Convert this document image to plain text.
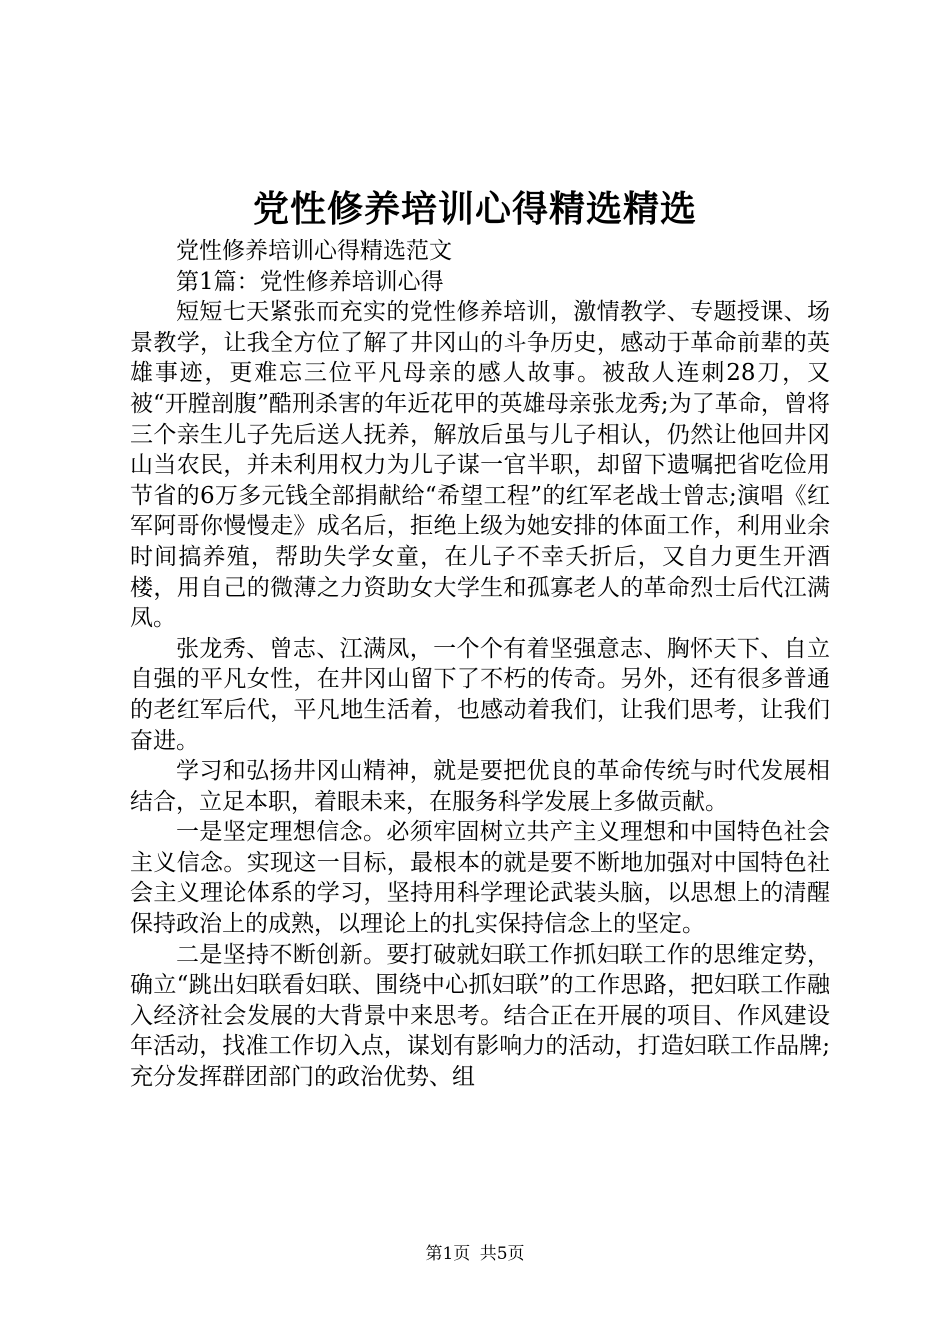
党性修养培训心得精选精选

党性修养培训心得精选范文

第1篇：党性修养培训心得

短短七天紧张而充实的党性修养培训，激情教学、专题授课、场景教学，让我全方位了解了井冈山的斗争历史，感动于革命前辈的英雄事迹，更难忘三位平凡母亲的感人故事。被敌人连刺28刀，又被“开膛剖腹”酷刑杀害的年近花甲的英雄母亲张龙秀;为了革命，曾将三个亲生儿子先后送人抚养，解放后虽与儿子相认，仍然让他回井冈山当农民，并未利用权力为儿子谋一官半职，却留下遗嘱把省吃俭用节省的6万多元钱全部捐献给“希望工程”的红军老战士曾志;演唱《红军阿哥你慢慢走》成名后，拒绝上级为她安排的体面工作，利用业余时间搞养殖，帮助失学女童，在儿子不幸夭折后，又自力更生开酒楼，用自己的微薄之力资助女大学生和孤寡老人的革命烈士后代江满凤。

张龙秀、曾志、江满凤，一个个有着坚强意志、胸怀天下、自立自强的平凡女性，在井冈山留下了不朽的传奇。另外，还有很多普通的老红军后代，平凡地生活着，也感动着我们，让我们思考，让我们奋进。

学习和弘扬井冈山精神，就是要把优良的革命传统与时代发展相结合，立足本职，着眼未来，在服务科学发展上多做贡献。

一是坚定理想信念。必须牢固树立共产主义理想和中国特色社会主义信念。实现这一目标，最根本的就是要不断地加强对中国特色社会主义理论体系的学习，坚持用科学理论武装头脑，以思想上的清醒保持政治上的成熟，以理论上的扎实保持信念上的坚定。

二是坚持不断创新。要打破就妇联工作抓妇联工作的思维定势，确立“跳出妇联看妇联、围绕中心抓妇联”的工作思路，把妇联工作融入经济社会发展的大背景中来思考。结合正在开展的项目、作风建设年活动，找准工作切入点，谋划有影响力的活动，打造妇联工作品牌;充分发挥群团部门的政治优势、组

第1页 共5页
